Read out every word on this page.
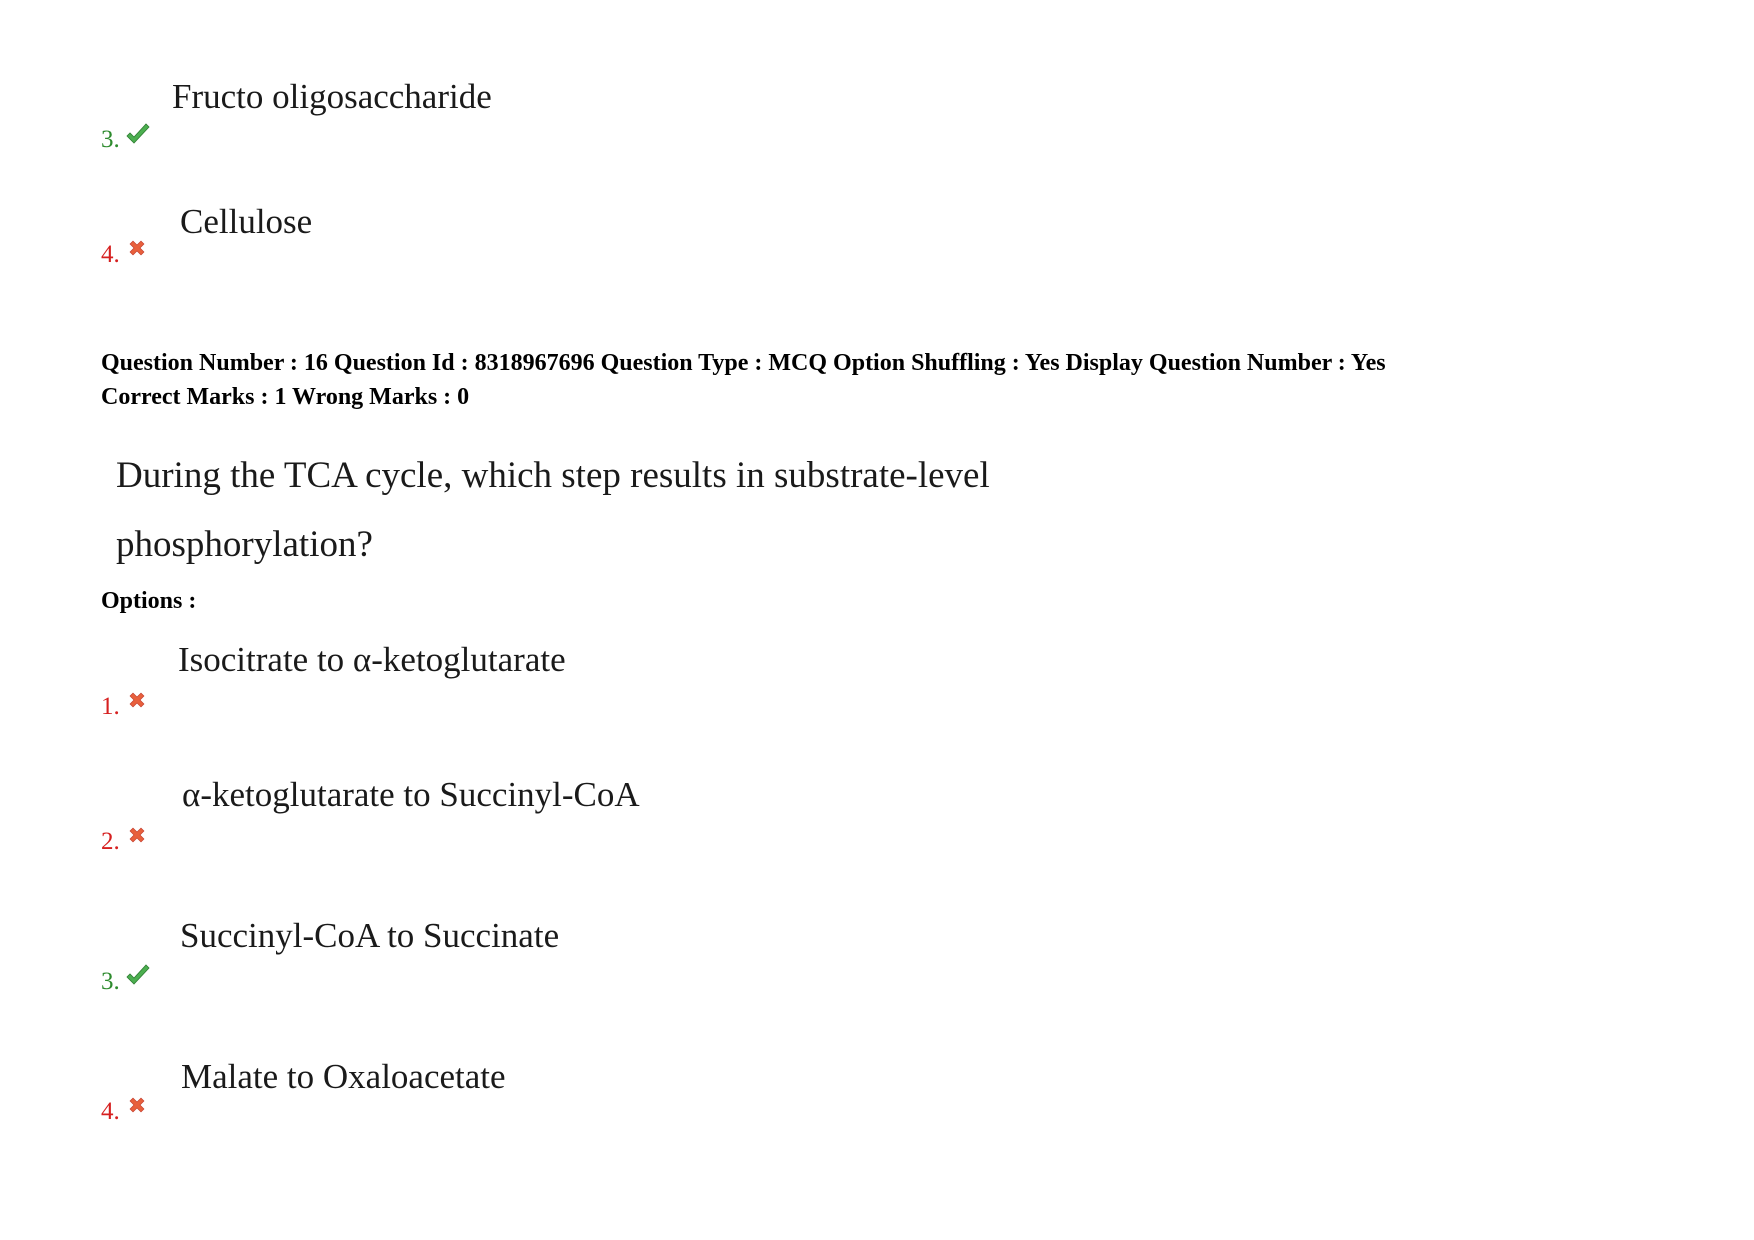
Fructo oligosaccharide
3.
Cellulose
4.
Question Number : 16 Question Id : 8318967696 Question Type : MCQ Option Shuffling : Yes Display Question Number : Yes
Correct Marks : 1 Wrong Marks : 0
During the TCA cycle, which step results in substrate-level
phosphorylation?
Options :
Isocitrate to α-ketoglutarate
1.
α-ketoglutarate to Succinyl-CoA
2.
Succinyl-CoA to Succinate
3.
Malate to Oxaloacetate
4.
